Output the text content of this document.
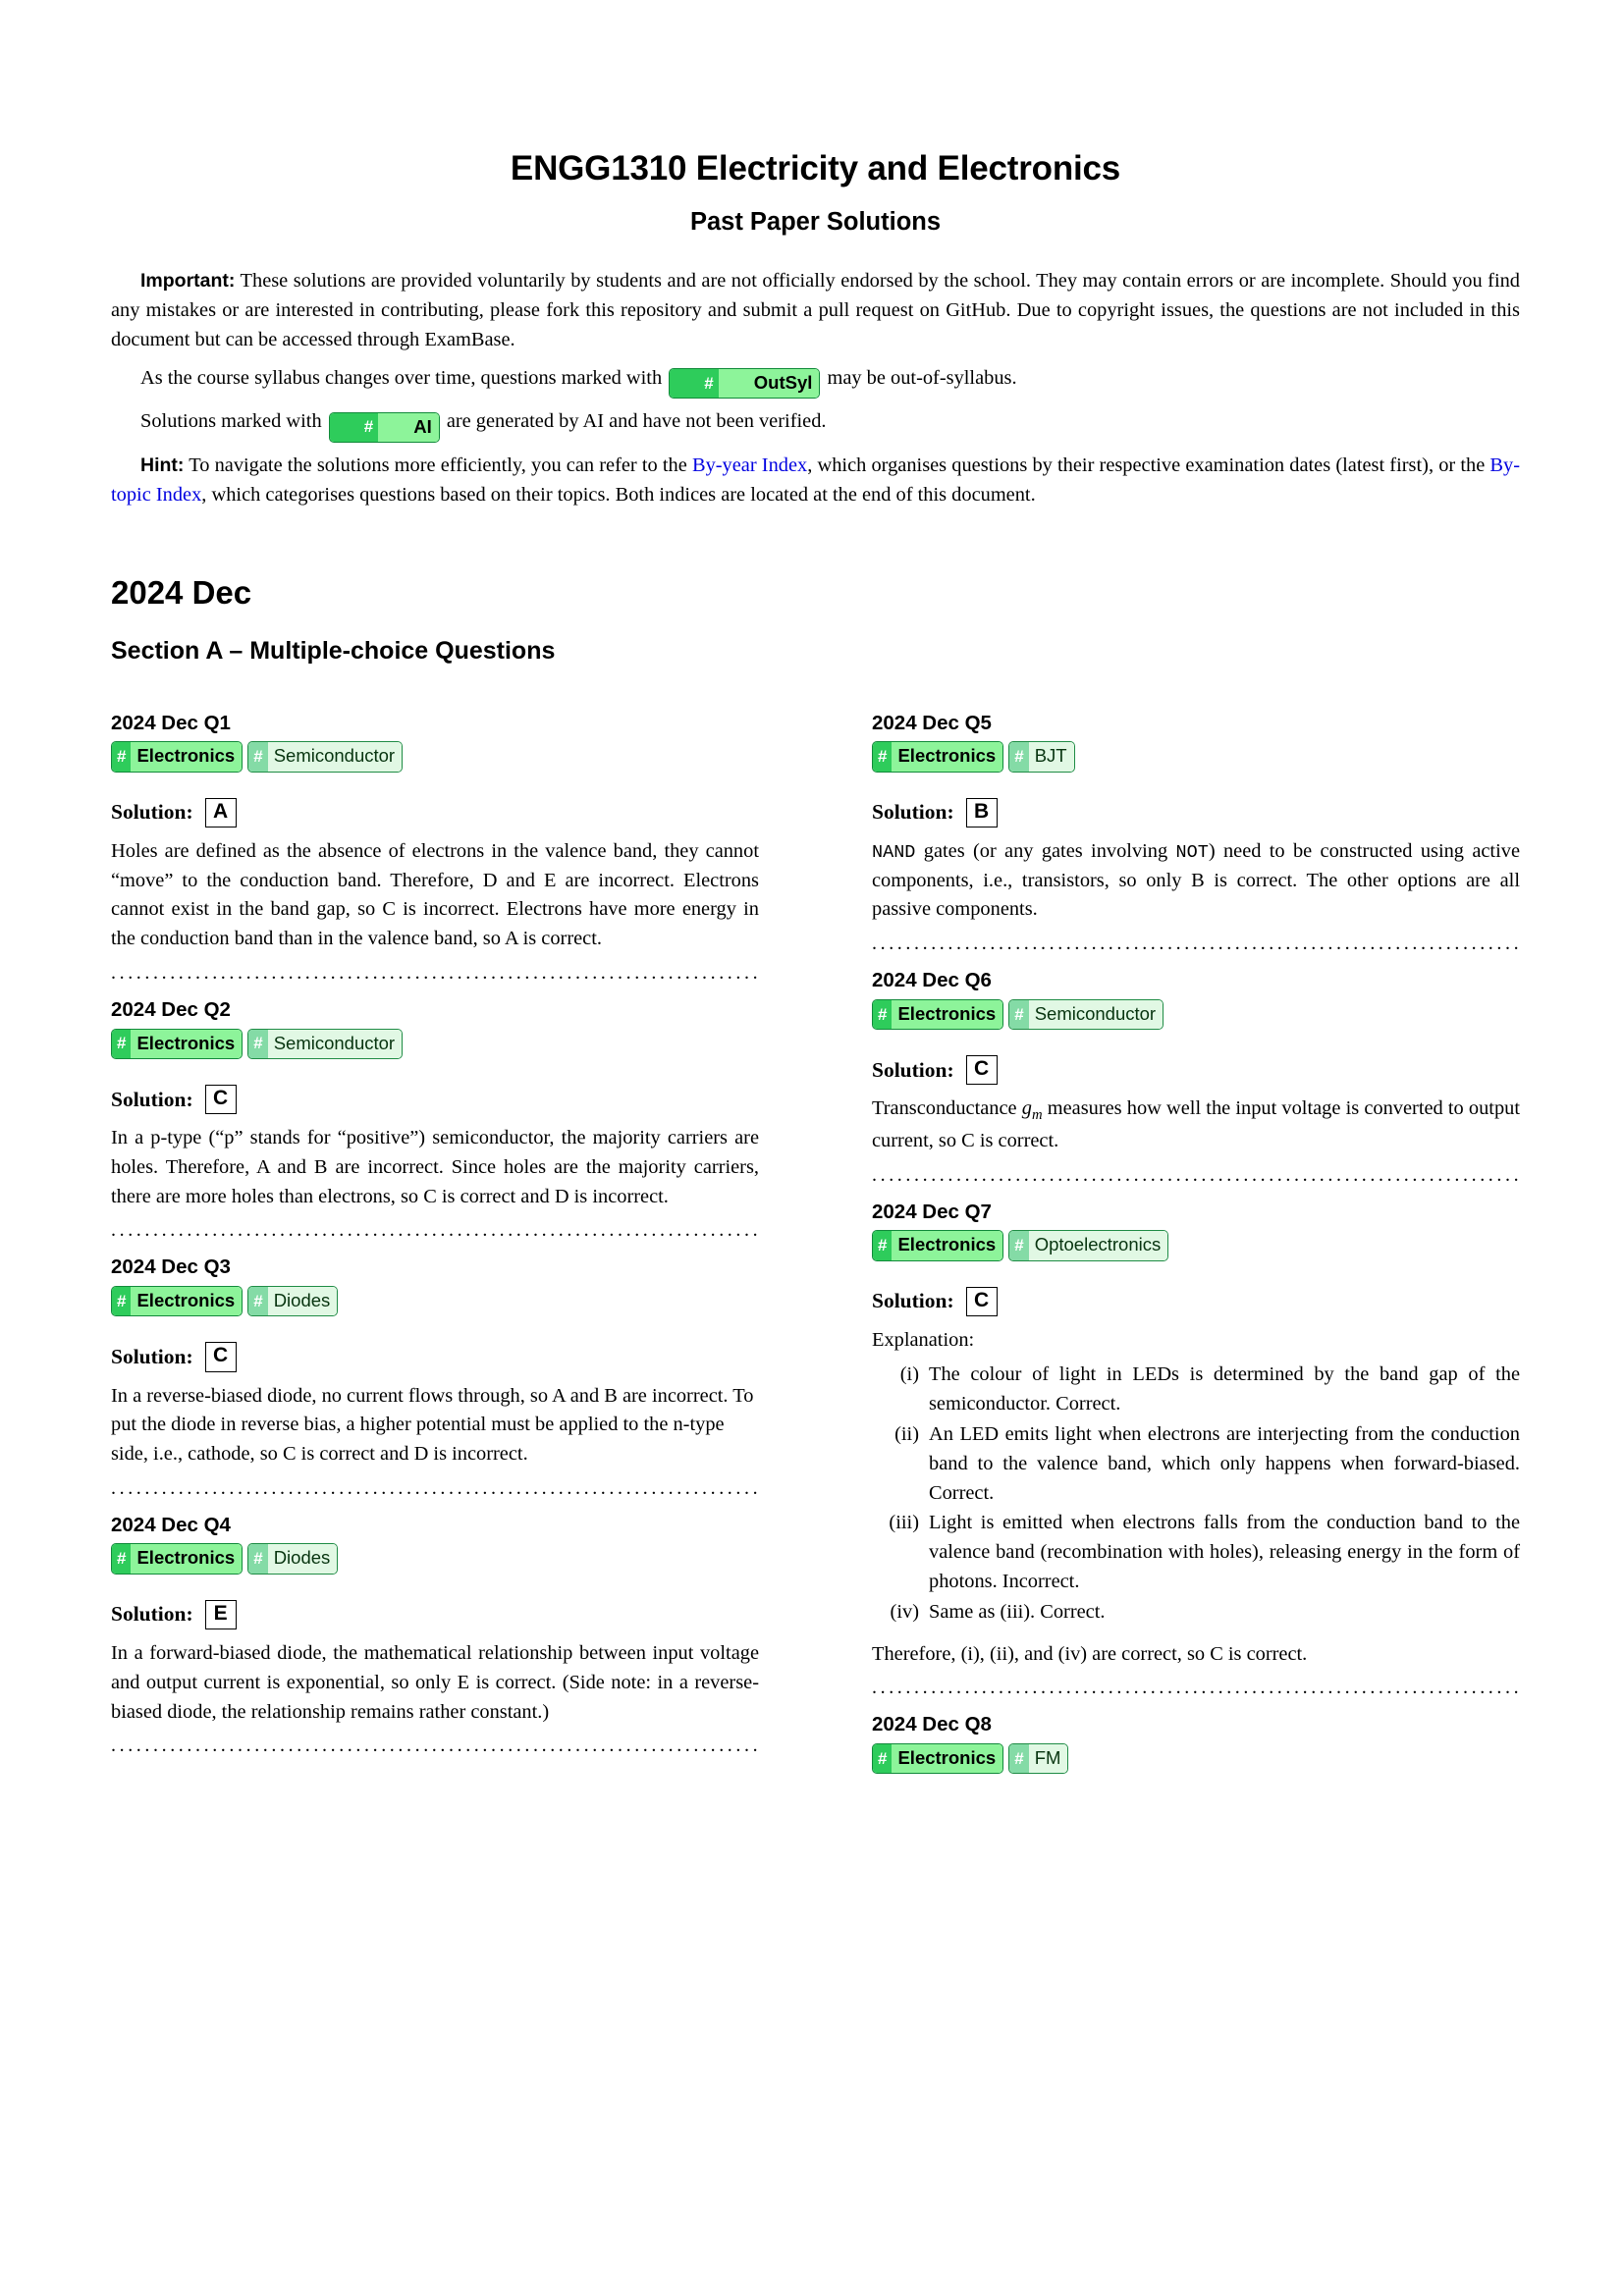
ENGG1310 Electricity and Electronics
Past Paper Solutions

Important: These solutions are provided voluntarily by students and are not officially endorsed by the school. They may contain errors or are incomplete. Should you find any mistakes or are interested in contributing, please fork this repository and submit a pull request on GitHub. Due to copyright issues, the questions are not included in this document but can be accessed through ExamBase.

As the course syllabus changes over time, questions marked with	#	OutSyl may be out-of-syllabus.

Solutions marked with	#	AI are generated by AI and have not been verified.

Hint: To navigate the solutions more efficiently, you can refer to the By-year Index, which organises questions by their respective examination dates (latest first), or the By-topic Index, which categorises questions based on their topics. Both indices are located at the end of this document.

2024 Dec
Section A – Multiple-choice Questions
2024 Dec Q1
# Electronics	# Semiconductor
Solution: A

Holes are defined as the absence of electrons in the valence band, they cannot “move” to the conduction band. Therefore, D and E are incorrect. Electrons cannot exist in the band gap, so C is incorrect. Electrons have more energy in the conduction band than in the valence band, so A is correct.

.....
2024 Dec Q2
# Electronics	# Semiconductor
Solution: C

In a p-type (“p” stands for “positive”) semiconductor, the majority carriers are holes. Therefore, A and B are incorrect. Since holes are the majority carriers, there are more holes than electrons, so C is correct and D is incorrect.

.....
2024 Dec Q3
# Electronics	# Diodes
Solution: C

In a reverse-biased diode, no current flows through, so A and B are incorrect. To put the diode in reverse bias, a higher potential must be applied to the n-type side, i.e., cathode, so C is correct and D is incorrect.

.....
2024 Dec Q4
# Electronics	# Diodes
Solution: E

In a forward-biased diode, the mathematical relationship between input voltage and output current is exponential, so only E is correct. (Side note: in a reverse-biased diode, the relationship remains rather constant.)

.....
2024 Dec Q5
# Electronics	# BJT
Solution: B

NAND gates (or any gates involving NOT) need to be constructed using active components, i.e., transistors, so only B is correct. The other options are all passive components.

.....
2024 Dec Q6
# Electronics	# Semiconductor
Solution: C

Transconductance $g_m$ measures how well the input voltage is converted to output current, so C is correct.

.....
2024 Dec Q7
# Electronics	# Optoelectronics
Solution: C

Explanation:

(i) The colour of light in LEDs is determined by the band gap of the semiconductor. Correct.
(ii) An LED emits light when electrons are interjecting from the conduction band to the valence band, which only happens when forward-biased. Correct.
(iii) Light is emitted when electrons falls from the conduction band to the valence band (recombination with holes), releasing energy in the form of photons. Incorrect.
(iv) Same as (iii). Correct.

Therefore, (i), (ii), and (iv) are correct, so C is correct.

.....
2024 Dec Q8
# Electronics	# FM
